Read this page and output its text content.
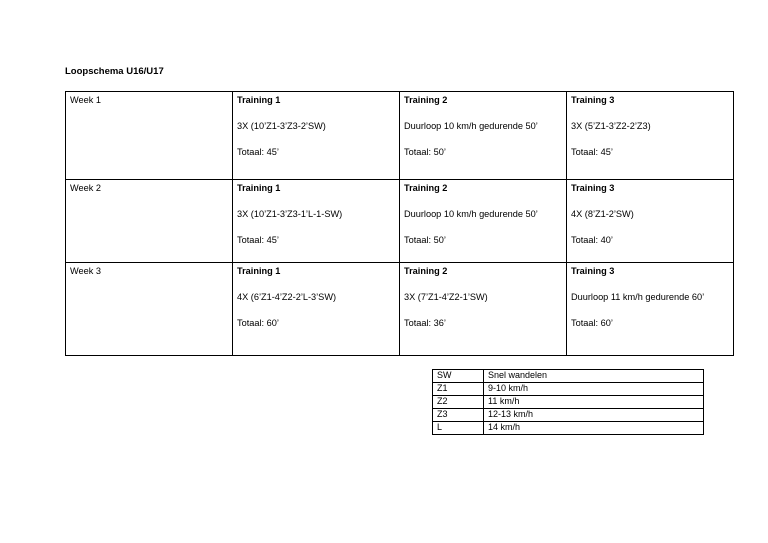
Loopschema U16/U17
Week 1	Training 1
3X (10’Z1-3’Z3-2’SW)
Totaal: 45’	Training 2
Duurloop 10 km/h gedurende 50’
Totaal: 50’	Training 3
3X (5’Z1-3’Z2-2’Z3)
Totaal: 45’

Week 2	Training 1
3X (10’Z1-3’Z3-1’L-1-SW)
Totaal: 45’	Training 2
Duurloop 10 km/h gedurende 50’
Totaal: 50’	Training 3
4X (8’Z1-2’SW)
Totaal: 40’

Week 3	Training 1
4X (6’Z1-4’Z2-2’L-3’SW)
Totaal: 60’	Training 2
3X (7’Z1-4’Z2-1’SW)
Totaal: 36’	Training 3
Duurloop 11 km/h gedurende 60’
Totaal: 60’
SW	Snel wandelen
Z1	9-10 km/h
Z2	11 km/h
Z3	12-13 km/h
L	14 km/h
